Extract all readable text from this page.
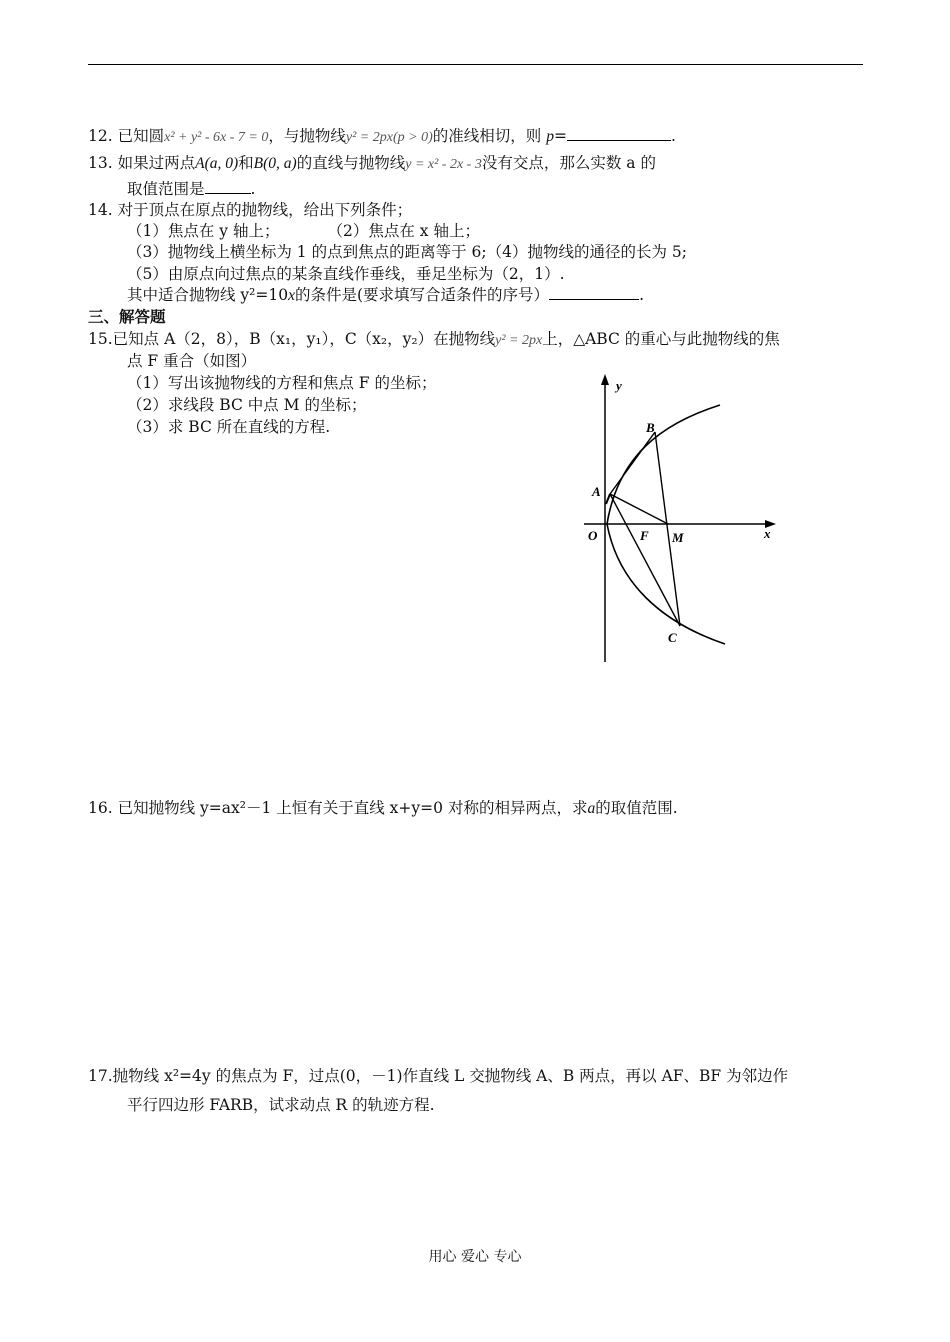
12. 已知圆x² + y² - 6x - 7 = 0，与抛物线y² = 2px(p > 0)的准线相切，则 p=	.
13. 如果过两点A(a, 0)和B(0, a)的直线与抛物线y = x² - 2x - 3没有交点，那么实数 a 的
取值范围是	.
14. 对于顶点在原点的抛物线，给出下列条件；
（1）焦点在 y 轴上；	（2）焦点在 x 轴上；
（3）抛物线上横坐标为 1 的点到焦点的距离等于 6;（4）抛物线的通径的长为 5;
（5）由原点向过焦点的某条直线作垂线，垂足坐标为（2，1）.
其中适合抛物线 y²=10x的条件是(要求填写合适条件的序号）	.
三、解答题
15.已知点 A（2，8），B（x₁，y₁），C（x₂，y₂）在抛物线y² = 2px上，△ABC 的重心与此抛物线的焦
点 F 重合（如图）
（1）写出该抛物线的方程和焦点 F 的坐标；
（2）求线段 BC 中点 M 的坐标；
（3）求 BC 所在直线的方程.
y
x
O
A
B
C
F M
16. 已知抛物线 y=ax²－1 上恒有关于直线 x+y=0 对称的相异两点，求a的取值范围.
17.抛物线 x²=4y 的焦点为 F，过点(0，－1)作直线 L 交抛物线 A、B 两点，再以 AF、BF 为邻边作
平行四边形 FARB，试求动点 R 的轨迹方程.
用心 爱心 专心
